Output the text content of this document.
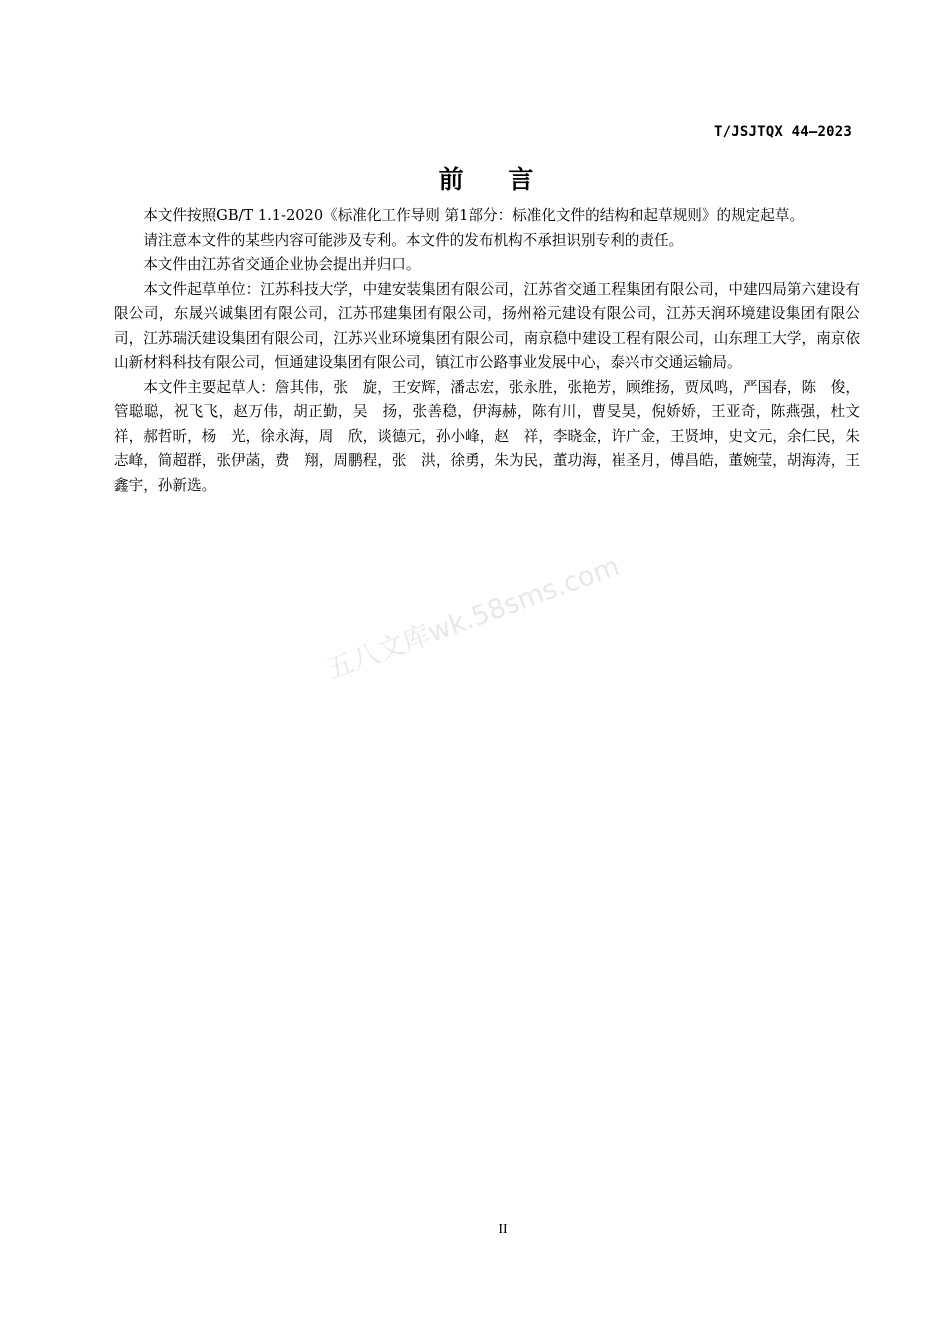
T/JSJTQX 44—2023
前    言

本文件按照GB/T 1.1-2020《标准化工作导则 第1部分：标准化文件的结构和起草规则》的规定起草。

请注意本文件的某些内容可能涉及专利。本文件的发布机构不承担识别专利的责任。

本文件由江苏省交通企业协会提出并归口。

本文件起草单位：江苏科技大学，中建安装集团有限公司，江苏省交通工程集团有限公司，中建四局第六建设有限公司，东晟兴诚集团有限公司，江苏邗建集团有限公司，扬州裕元建设有限公司，江苏天润环境建设集团有限公司，江苏瑞沃建设集团有限公司，江苏兴业环境集团有限公司，南京稳中建设工程有限公司，山东理工大学，南京依山新材料科技有限公司，恒通建设集团有限公司，镇江市公路事业发展中心，泰兴市交通运输局。

本文件主要起草人：詹其伟，张　旋，王安辉，潘志宏，张永胜，张艳芳，顾维扬，贾凤鸣，严国春，陈　俊，管聪聪，祝飞飞，赵万伟，胡正勤，吴　扬，张善稳，伊海赫，陈有川，曹旻昊，倪娇娇，王亚奇，陈燕强，杜文祥，郝哲昕，杨　光，徐永海，周　欣，谈德元，孙小峰，赵　祥，李晓金，许广金，王贤坤，史文元，余仁民，朱志峰，简超群，张伊菡，费　翔，周鹏程，张　洪，徐勇，朱为民，董功海，崔圣月，傅昌皓，董婉莹，胡海涛，王鑫宇，孙新选。

五八文库wk.58sms.com
II
